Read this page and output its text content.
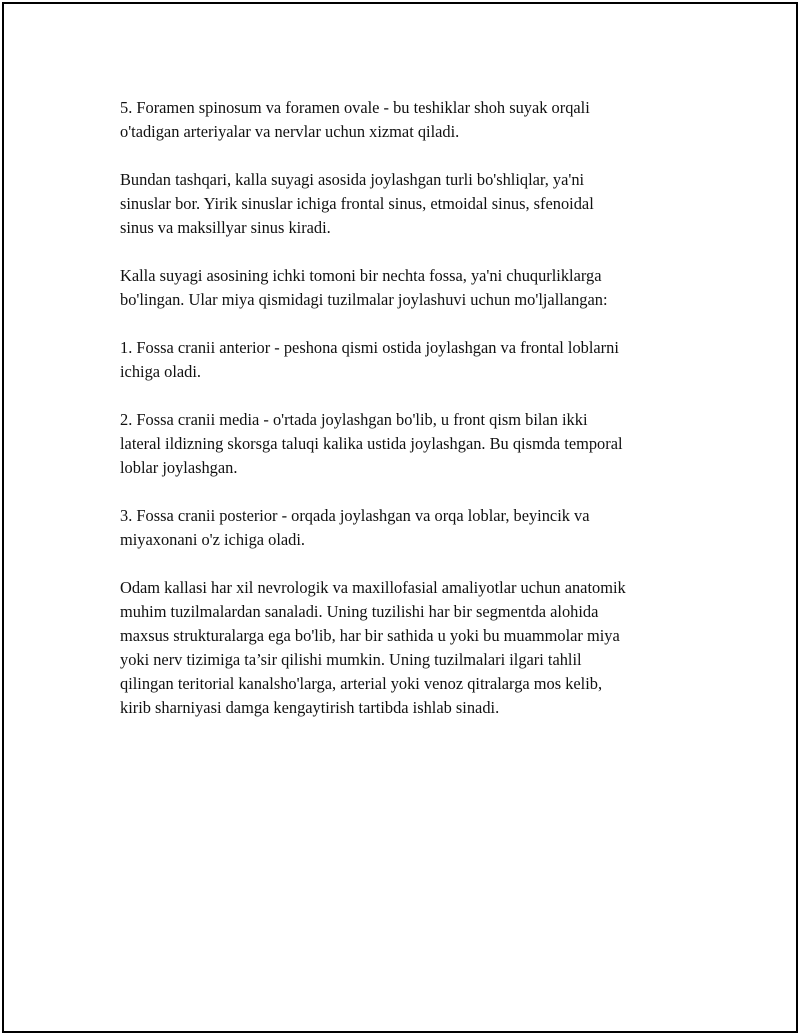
5. Foramen spinosum va foramen ovale - bu teshiklar shoh suyak orqali
o'tadigan arteriyalar va nervlar uchun xizmat qiladi.

Bundan tashqari, kalla suyagi asosida joylashgan turli bo'shliqlar, ya'ni
sinuslar bor. Yirik sinuslar ichiga frontal sinus, etmoidal sinus, sfenoidal
sinus va maksillyar sinus kiradi.

Kalla suyagi asosining ichki tomoni bir nechta fossa, ya'ni chuqurliklarga
bo'lingan. Ular miya qismidagi tuzilmalar joylashuvi uchun mo'ljallangan:

1. Fossa cranii anterior - peshona qismi ostida joylashgan va frontal loblarni
ichiga oladi.

2. Fossa cranii media - o'rtada joylashgan bo'lib, u front qism bilan ikki
lateral ildizning skorsga taluqi kalika ustida joylashgan. Bu qismda temporal
loblar joylashgan.

3. Fossa cranii posterior - orqada joylashgan va orqa loblar, beyincik va
miyaxonani o'z ichiga oladi.

Odam kallasi har xil nevrologik va maxillofasial amaliyotlar uchun anatomik
muhim tuzilmalardan sanaladi. Uning tuzilishi har bir segmentda alohida
maxsus strukturalarga ega bo'lib, har bir sathida u yoki bu muammolar miya
yoki nerv tizimiga ta’sir qilishi mumkin. Uning tuzilmalari ilgari tahlil
qilingan teritorial kanalsho'larga, arterial yoki venoz qitralarga mos kelib,
kirib sharniyasi damga kengaytirish tartibda ishlab sinadi.
